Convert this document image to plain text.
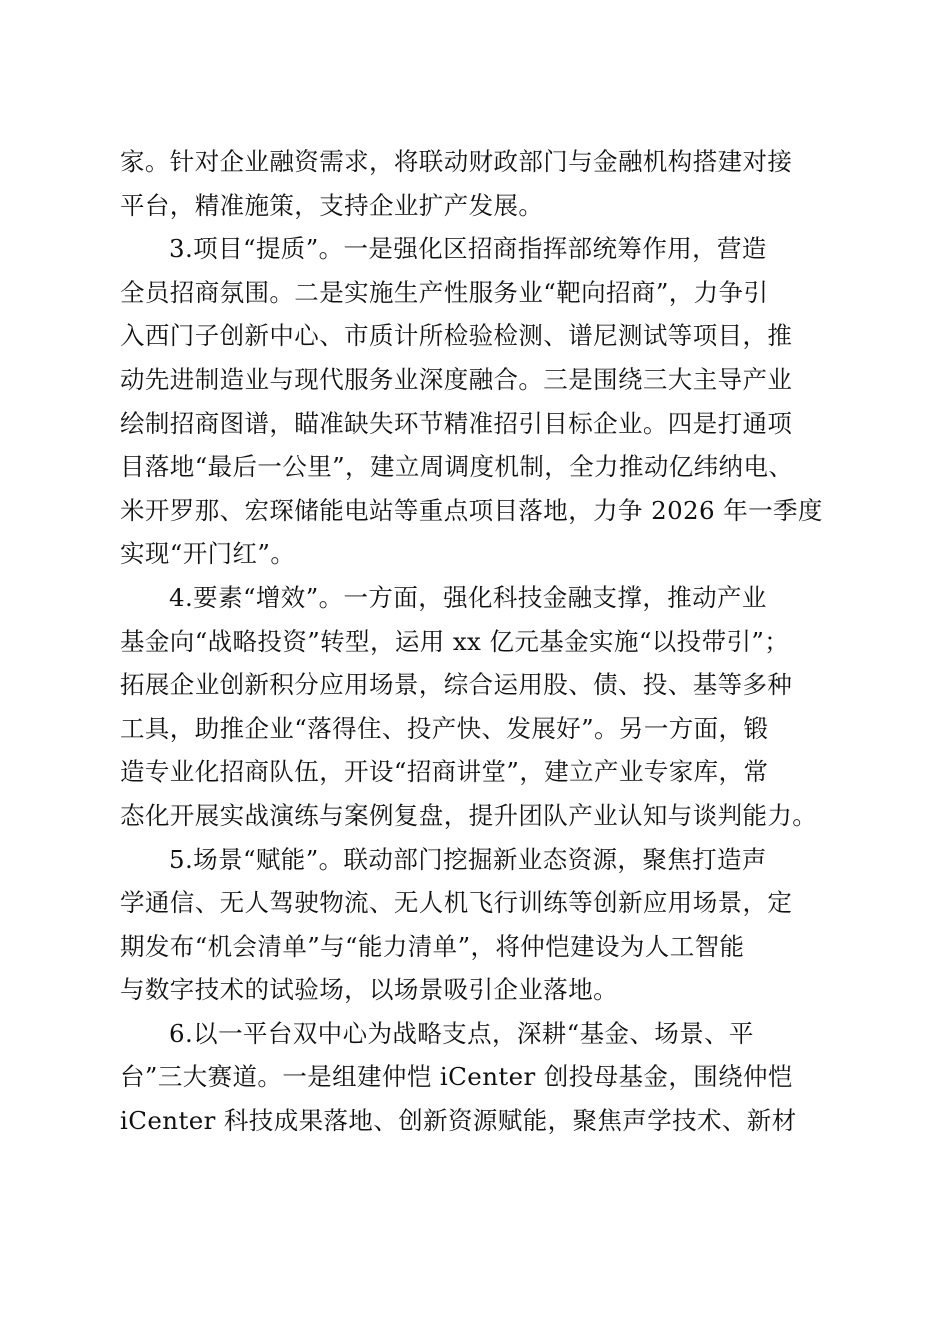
家。针对企业融资需求，将联动财政部门与金融机构搭建对接
平台，精准施策，支持企业扩产发展。
3.项目“提质”。一是强化区招商指挥部统筹作用，营造
全员招商氛围。二是实施生产性服务业“靶向招商”，力争引
入西门子创新中心、市质计所检验检测、谱尼测试等项目，推
动先进制造业与现代服务业深度融合。三是围绕三大主导产业
绘制招商图谱，瞄准缺失环节精准招引目标企业。四是打通项
目落地“最后一公里”，建立周调度机制，全力推动亿纬纳电、
米开罗那、宏琛储能电站等重点项目落地，力争 2026 年一季度
实现“开门红”。
4.要素“增效”。一方面，强化科技金融支撑，推动产业
基金向“战略投资”转型，运用 xx 亿元基金实施“以投带引”；
拓展企业创新积分应用场景，综合运用股、债、投、基等多种
工具，助推企业“落得住、投产快、发展好”。另一方面，锻
造专业化招商队伍，开设“招商讲堂”，建立产业专家库，常
态化开展实战演练与案例复盘，提升团队产业认知与谈判能力。
5.场景“赋能”。联动部门挖掘新业态资源，聚焦打造声
学通信、无人驾驶物流、无人机飞行训练等创新应用场景，定
期发布“机会清单”与“能力清单”，将仲恺建设为人工智能
与数字技术的试验场，以场景吸引企业落地。
6.以一平台双中心为战略支点，深耕“基金、场景、平
台”三大赛道。一是组建仲恺 iCenter 创投母基金，围绕仲恺
iCenter 科技成果落地、创新资源赋能，聚焦声学技术、新材
